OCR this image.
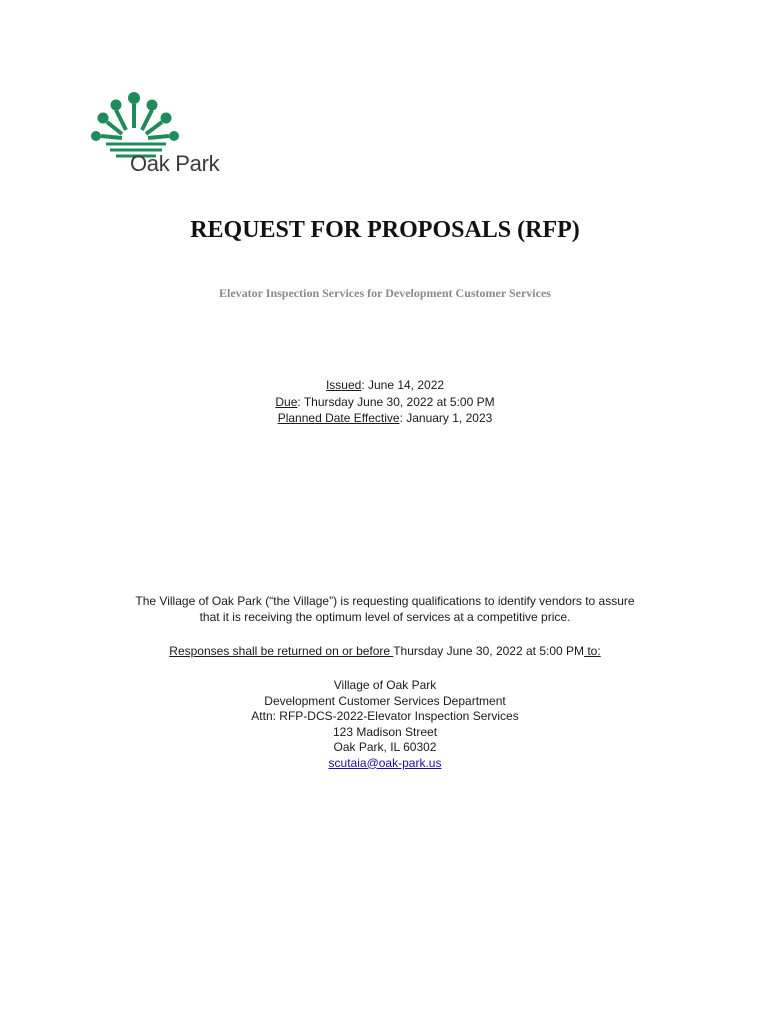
Oak Park
REQUEST FOR PROPOSALS (RFP)
Elevator Inspection Services for Development Customer Services
Issued: June 14, 2022
Due: Thursday June 30, 2022 at 5:00 PM
Planned Date Effective: January 1, 2023
The Village of Oak Park (“the Village”) is requesting qualifications to identify vendors to assure
that it is receiving the optimum level of services at a competitive price.
Responses shall be returned on or before Thursday June 30, 2022 at 5:00 PM to:
Village of Oak Park
Development Customer Services Department
Attn: RFP-DCS-2022-Elevator Inspection Services
123 Madison Street
Oak Park, IL 60302
scutaia@oak-park.us
